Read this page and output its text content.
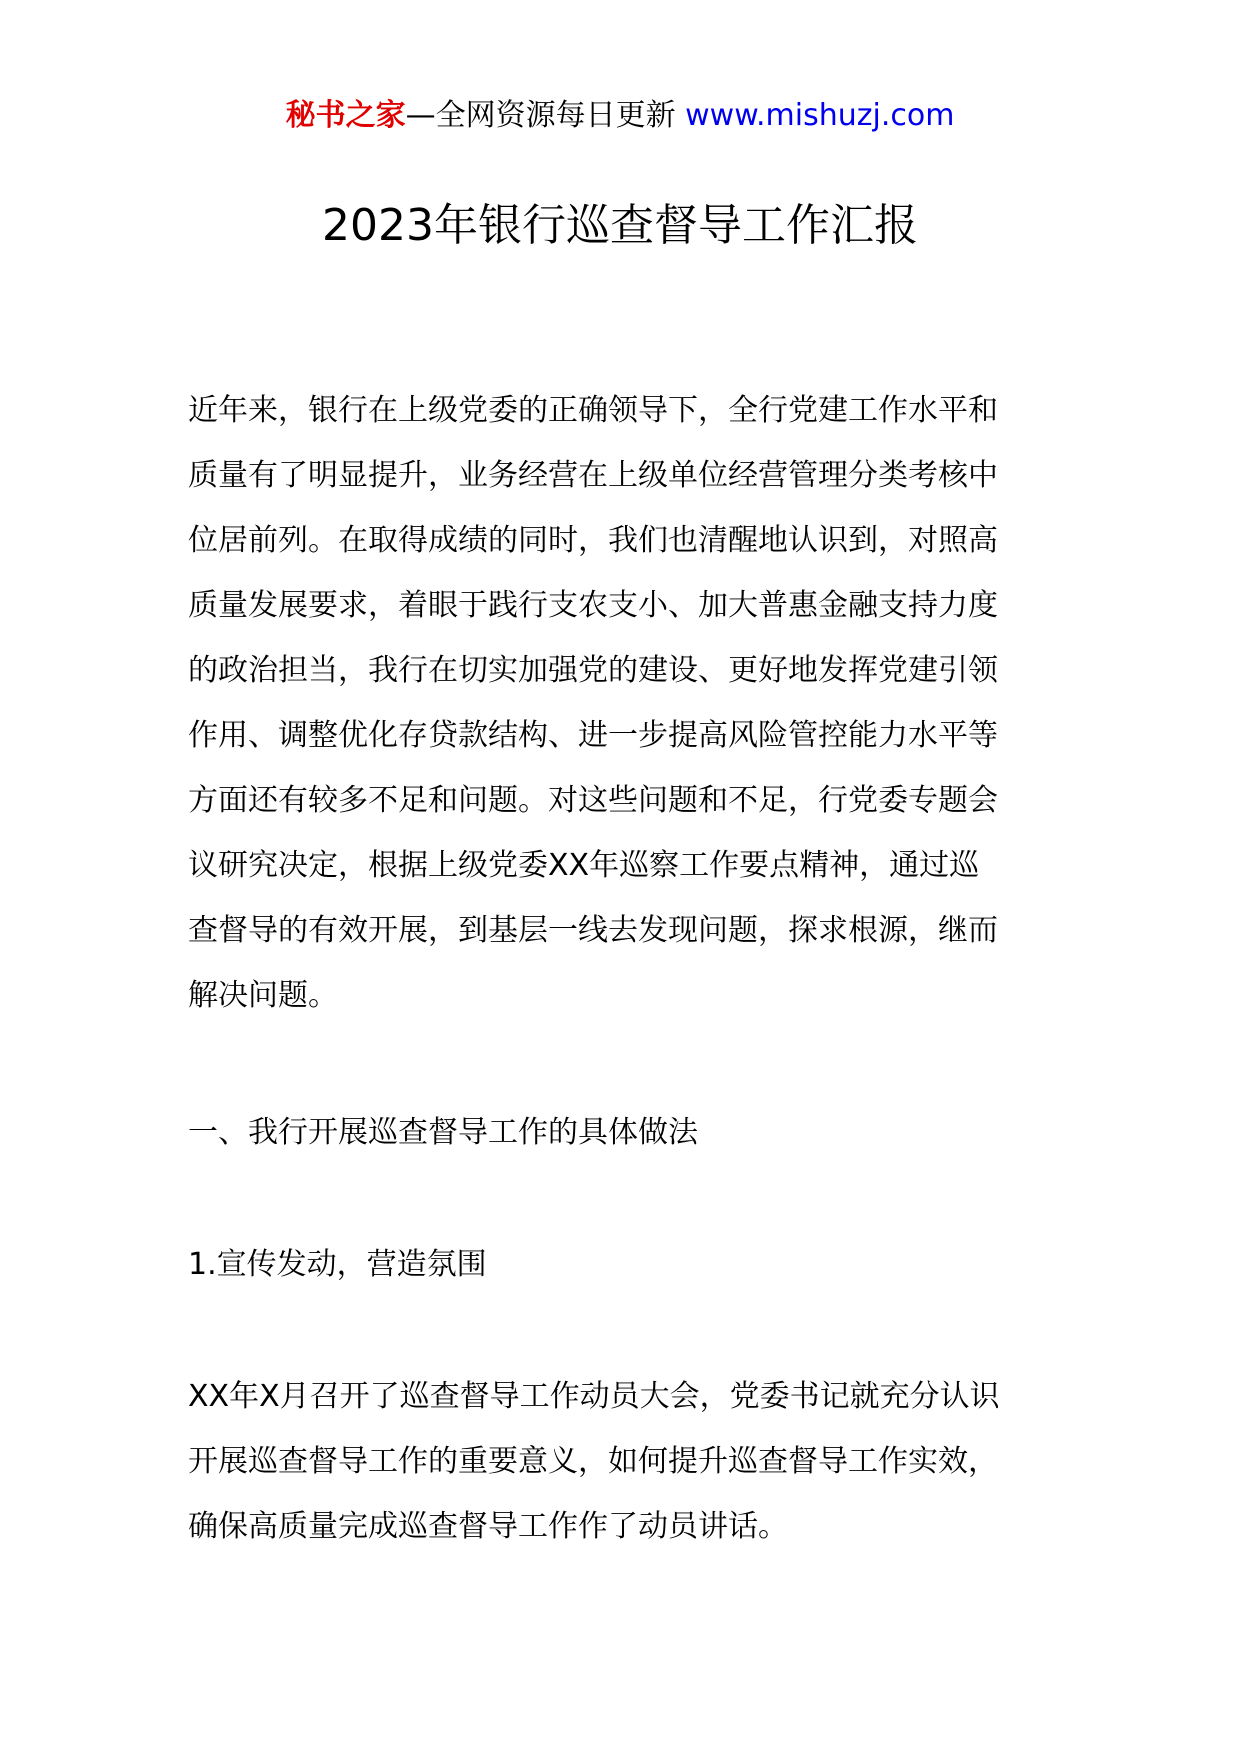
秘书之家—全网资源每日更新 www.mishuzj.com
2023年银行巡查督导工作汇报
近年来，银行在上级党委的正确领导下，全行党建工作水平和
质量有了明显提升，业务经营在上级单位经营管理分类考核中
位居前列。在取得成绩的同时，我们也清醒地认识到，对照高
质量发展要求，着眼于践行支农支小、加大普惠金融支持力度
的政治担当，我行在切实加强党的建设、更好地发挥党建引领
作用、调整优化存贷款结构、进一步提高风险管控能力水平等
方面还有较多不足和问题。对这些问题和不足，行党委专题会
议研究决定，根据上级党委XX年巡察工作要点精神，通过巡
查督导的有效开展，到基层一线去发现问题，探求根源，继而
解决问题。
一、我行开展巡查督导工作的具体做法
1.宣传发动，营造氛围
XX年X月召开了巡查督导工作动员大会，党委书记就充分认识
开展巡查督导工作的重要意义，如何提升巡查督导工作实效，
确保高质量完成巡查督导工作作了动员讲话。
